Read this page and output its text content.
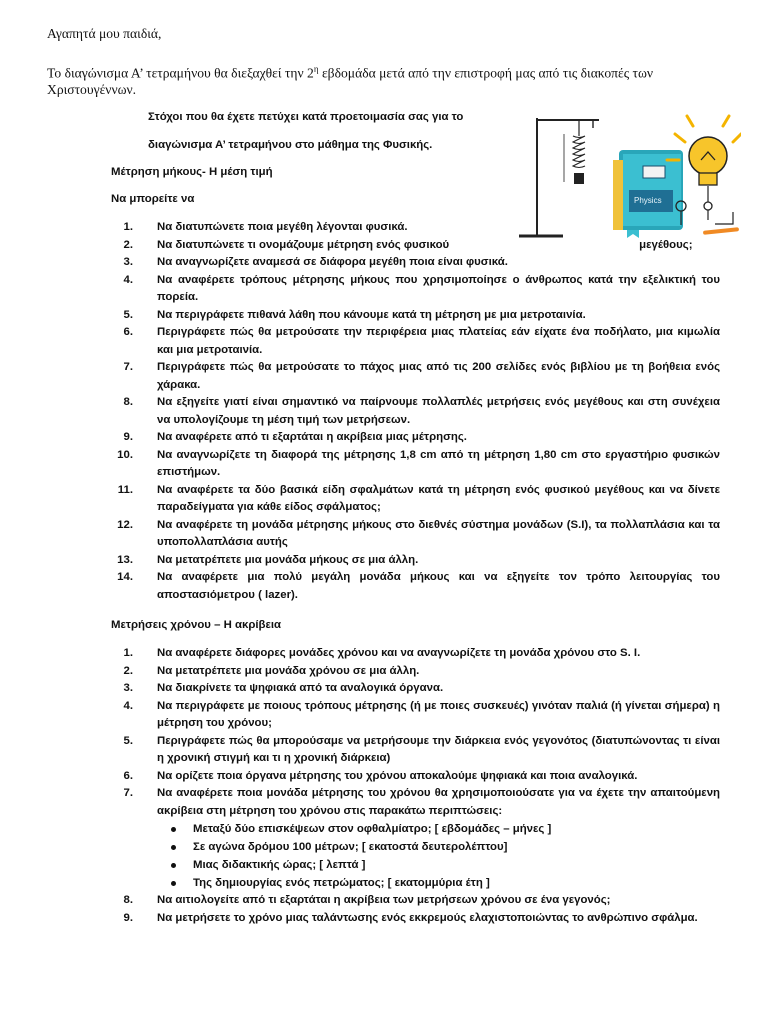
Αγαπητά μου παιδιά,
Το διαγώνισμα Α’ τετραμήνου θα διεξαχθεί την $2^\eta$ εβδομάδα μετά από την επιστροφή μας από τις διακοπές των Χριστουγέννων.
Στόχοι που θα έχετε πετύχει κατά προετοιμασία σας για το
διαγώνισμα Α’ τετραμήνου στο μάθημα της Φυσικής.
Μέτρηση μήκους- Η μέση τιμή
Να μπορείτε να	Physics
1. Να διατυπώνετε ποια μεγέθη λέγονται φυσικά.
2. Να διατυπώνετε τι ονομάζουμε μέτρηση ενός φυσικού	μεγέθους;
3. Να αναγνωρίζετε αναμεσά σε διάφορα μεγέθη ποια είναι φυσικά.
4. Να αναφέρετε τρόπους μέτρησης μήκους που χρησιμοποίησε ο άνθρωπος κατά την εξελικτική του πορεία.
5. Να περιγράφετε πιθανά λάθη που κάνουμε κατά τη μέτρηση με μια μετροταινία.
6. Περιγράφετε πώς θα μετρούσατε την περιφέρεια μιας πλατείας εάν είχατε ένα ποδήλατο, μια κιμωλία και μια μετροταινία.
7. Περιγράφετε πώς θα μετρούσατε το πάχος μιας από τις 200 σελίδες ενός βιβλίου με τη βοήθεια ενός χάρακα.
8. Να εξηγείτε γιατί είναι σημαντικό να παίρνουμε πολλαπλές μετρήσεις ενός μεγέθους και στη συνέχεια να υπολογίζουμε τη μέση τιμή των μετρήσεων.
9. Να αναφέρετε από τι εξαρτάται η ακρίβεια μιας μέτρησης.
10. Να αναγνωρίζετε τη διαφορά της μέτρησης 1,8 cm από τη μέτρηση 1,80 cm στο εργαστήριο φυσικών επιστήμων.
11. Να αναφέρετε τα δύο βασικά είδη σφαλμάτων κατά τη μέτρηση ενός φυσικού μεγέθους και να δίνετε παραδείγματα για κάθε είδος σφάλματος;
12. Να αναφέρετε τη μονάδα μέτρησης μήκους στο διεθνές σύστημα μονάδων (S.I), τα πολλαπλάσια και τα υποπολλαπλάσια αυτής
13. Να μετατρέπετε μια μονάδα μήκους σε μια άλλη.
14. Να αναφέρετε μια πολύ μεγάλη μονάδα μήκους και να εξηγείτε τον τρόπο λειτουργίας του αποστασιόμετρου ( lazer).
Μετρήσεις χρόνου – Η ακρίβεια
1. Να αναφέρετε διάφορες μονάδες χρόνου και να αναγνωρίζετε τη μονάδα χρόνου στο S. I.
2. Να μετατρέπετε μια μονάδα χρόνου σε μια άλλη.
3. Να διακρίνετε τα ψηφιακά από τα αναλογικά όργανα.
4. Να περιγράφετε με ποιους τρόπους μέτρησης (ή με ποιες συσκευές) γινόταν παλιά (ή γίνεται σήμερα) η μέτρηση του χρόνου;
5. Περιγράφετε πώς θα μπορούσαμε να μετρήσουμε την διάρκεια ενός γεγονότος (διατυπώνοντας τι είναι η χρονική στιγμή και τι η χρονική διάρκεια)
6. Να ορίζετε ποια όργανα μέτρησης του χρόνου αποκαλούμε ψηφιακά και ποια αναλογικά.
7. Να αναφέρετε ποια μονάδα μέτρησης του χρόνου θα χρησιμοποιούσατε για να έχετε την απαιτούμενη ακρίβεια στη μέτρηση του χρόνου στις παρακάτω περιπτώσεις:
Μεταξύ δύο επισκέψεων στον οφθαλμίατρο; [ εβδομάδες – μήνες ]
Σε αγώνα δρόμου 100 μέτρων; [ εκατοστά δευτερολέπτου]
Μιας διδακτικής ώρας; [ λεπτά ]
Της δημιουργίας ενός πετρώματος; [ εκατομμύρια έτη ]
8. Να αιτιολογείτε από τι εξαρτάται η ακρίβεια των μετρήσεων χρόνου σε ένα γεγονός;
9. Να μετρήσετε το χρόνο μιας ταλάντωσης ενός εκκρεμούς ελαχιστοποιώντας το ανθρώπινο σφάλμα.
